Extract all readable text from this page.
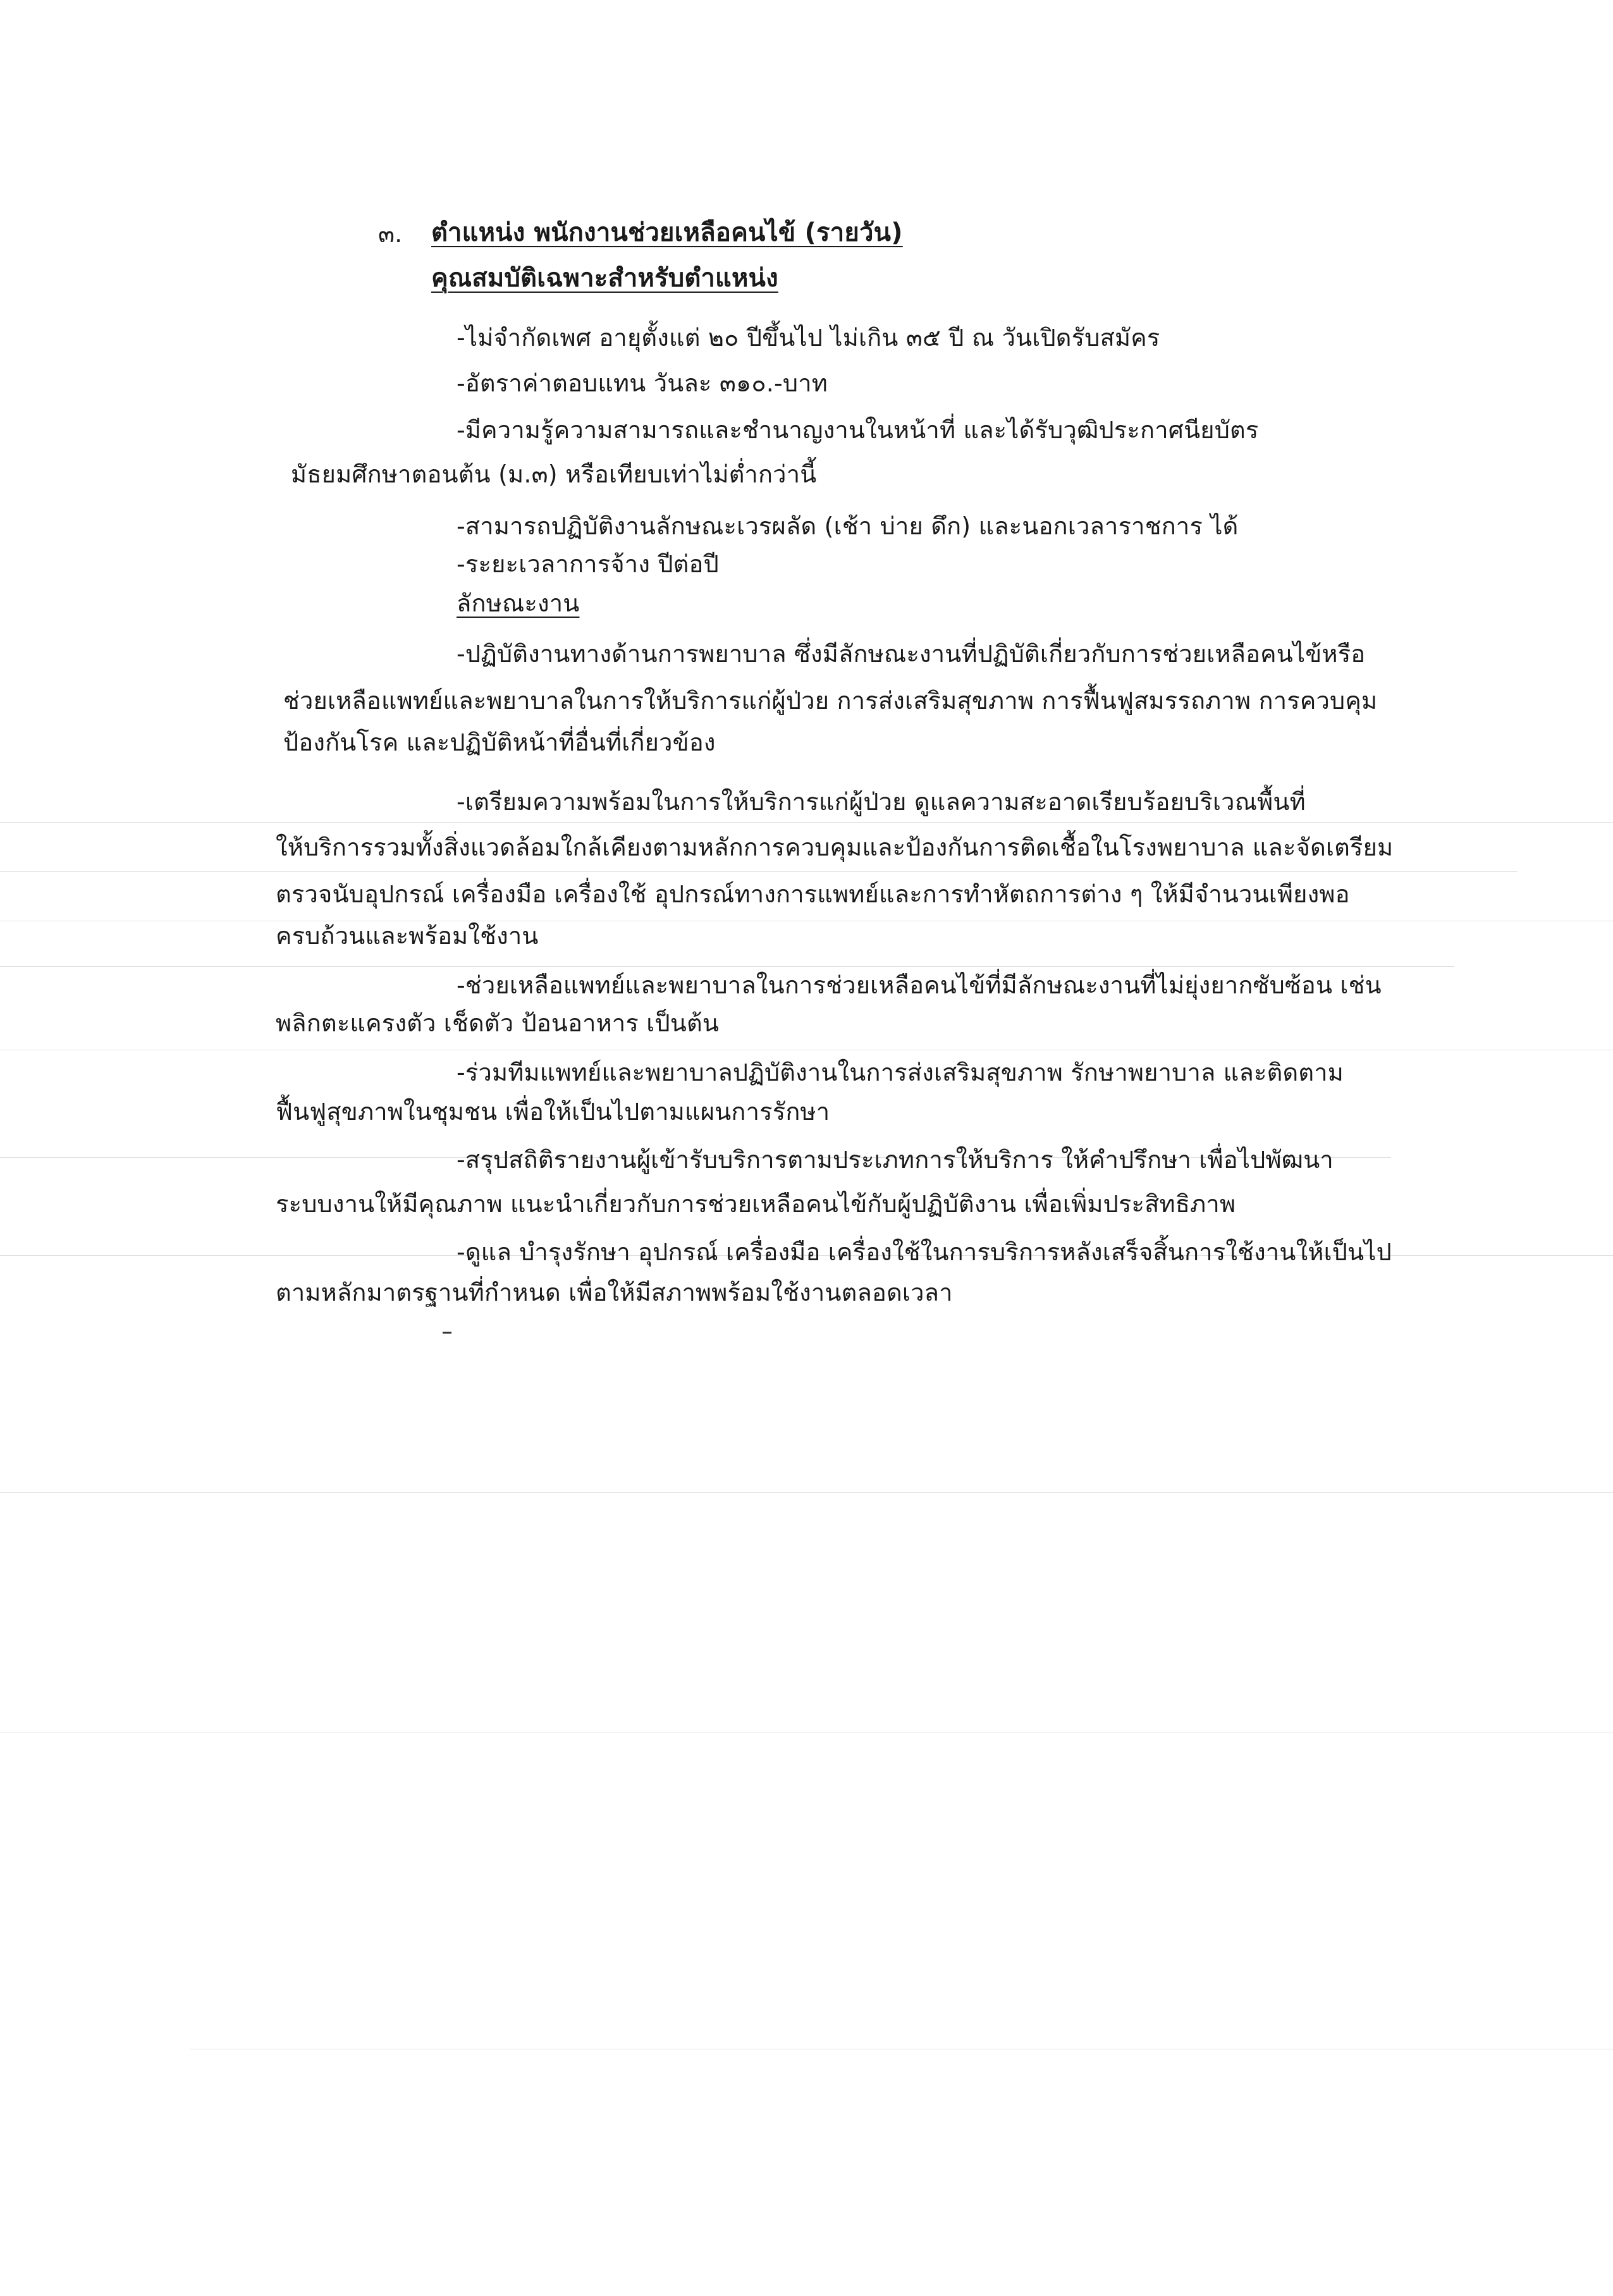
๓. ตำแหน่ง พนักงานช่วยเหลือคนไข้ (รายวัน)
คุณสมบัติเฉพาะสำหรับตำแหน่ง
-ไม่จำกัดเพศ อายุตั้งแต่ ๒๐ ปีขึ้นไป ไม่เกิน ๓๕ ปี ณ วันเปิดรับสมัคร
-อัตราค่าตอบแทน วันละ ๓๑๐.-บาท
-มีความรู้ความสามารถและชำนาญงานในหน้าที่ และได้รับวุฒิประกาศนียบัตร
มัธยมศึกษาตอนต้น (ม.๓) หรือเทียบเท่าไม่ต่ำกว่านี้
-สามารถปฏิบัติงานลักษณะเวรผลัด (เช้า บ่าย ดึก) และนอกเวลาราชการ ได้
-ระยะเวลาการจ้าง ปีต่อปี
ลักษณะงาน
-ปฏิบัติงานทางด้านการพยาบาล ซึ่งมีลักษณะงานที่ปฏิบัติเกี่ยวกับการช่วยเหลือคนไข้หรือ
ช่วยเหลือแพทย์และพยาบาลในการให้บริการแก่ผู้ป่วย การส่งเสริมสุขภาพ การฟื้นฟูสมรรถภาพ การควบคุม
ป้องกันโรค และปฏิบัติหน้าที่อื่นที่เกี่ยวข้อง
-เตรียมความพร้อมในการให้บริการแก่ผู้ป่วย ดูแลความสะอาดเรียบร้อยบริเวณพื้นที่
ให้บริการรวมทั้งสิ่งแวดล้อมใกล้เคียงตามหลักการควบคุมและป้องกันการติดเชื้อในโรงพยาบาล และจัดเตรียม
ตรวจนับอุปกรณ์ เครื่องมือ เครื่องใช้ อุปกรณ์ทางการแพทย์และการทำหัตถการต่าง ๆ ให้มีจำนวนเพียงพอ
ครบถ้วนและพร้อมใช้งาน
-ช่วยเหลือแพทย์และพยาบาลในการช่วยเหลือคนไข้ที่มีลักษณะงานที่ไม่ยุ่งยากซับซ้อน เช่น
พลิกตะแครงตัว เช็ดตัว ป้อนอาหาร เป็นต้น
-ร่วมทีมแพทย์และพยาบาลปฏิบัติงานในการส่งเสริมสุขภาพ รักษาพยาบาล และติดตาม
ฟื้นฟูสุขภาพในชุมชน เพื่อให้เป็นไปตามแผนการรักษา
-สรุปสถิติรายงานผู้เข้ารับบริการตามประเภทการให้บริการ ให้คำปรึกษา เพื่อไปพัฒนา
ระบบงานให้มีคุณภาพ แนะนำเกี่ยวกับการช่วยเหลือคนไข้กับผู้ปฏิบัติงาน เพื่อเพิ่มประสิทธิภาพ
-ดูแล บำรุงรักษา อุปกรณ์ เครื่องมือ เครื่องใช้ในการบริการหลังเสร็จสิ้นการใช้งานให้เป็นไป
ตามหลักมาตรฐานที่กำหนด เพื่อให้มีสภาพพร้อมใช้งานตลอดเวลา
